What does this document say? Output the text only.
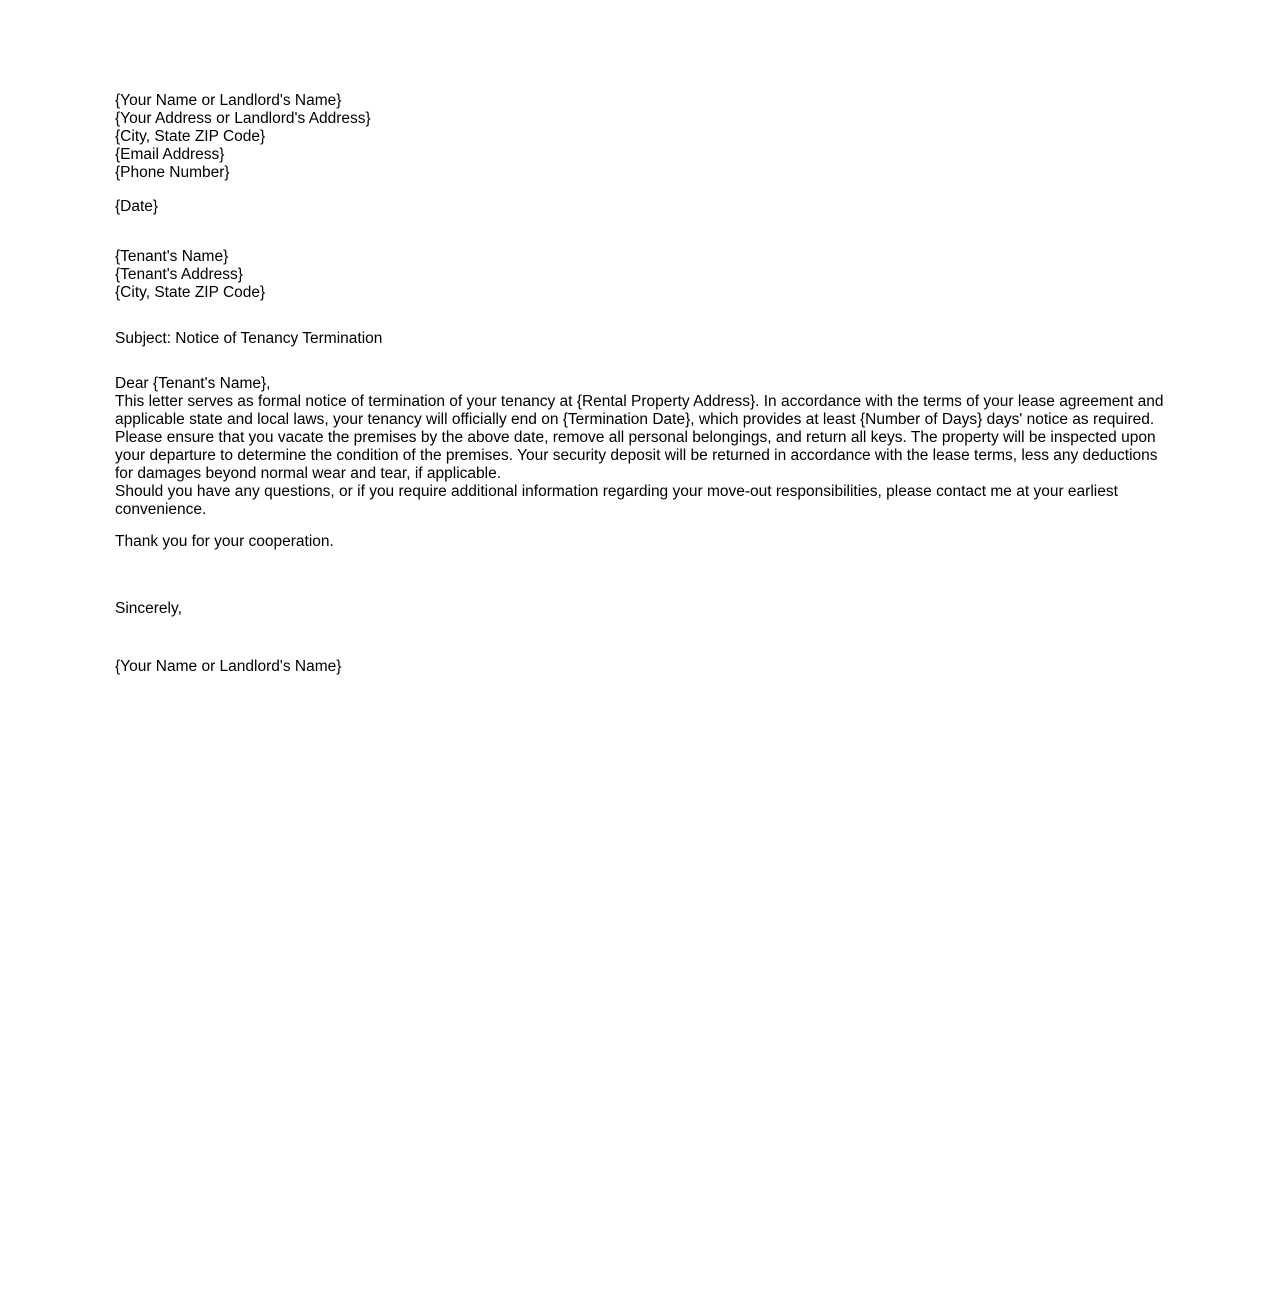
{Your Name or Landlord's Name}
{Your Address or Landlord's Address}
{City, State ZIP Code}
{Email Address}
{Phone Number}
{Date}
{Tenant's Name}
{Tenant's Address}
{City, State ZIP Code}
Subject: Notice of Tenancy Termination
Dear {Tenant's Name},

This letter serves as formal notice of termination of your tenancy at {Rental Property Address}. In accordance with the terms of your lease agreement and applicable state and local laws, your tenancy will officially end on {Termination Date}, which provides at least {Number of Days} days' notice as required.

Please ensure that you vacate the premises by the above date, remove all personal belongings, and return all keys. The property will be inspected upon your departure to determine the condition of the premises. Your security deposit will be returned in accordance with the lease terms, less any deductions for damages beyond normal wear and tear, if applicable.

Should you have any questions, or if you require additional information regarding your move-out responsibilities, please contact me at your earliest convenience.

Thank you for your cooperation.
Sincerely,
{Your Name or Landlord's Name}
